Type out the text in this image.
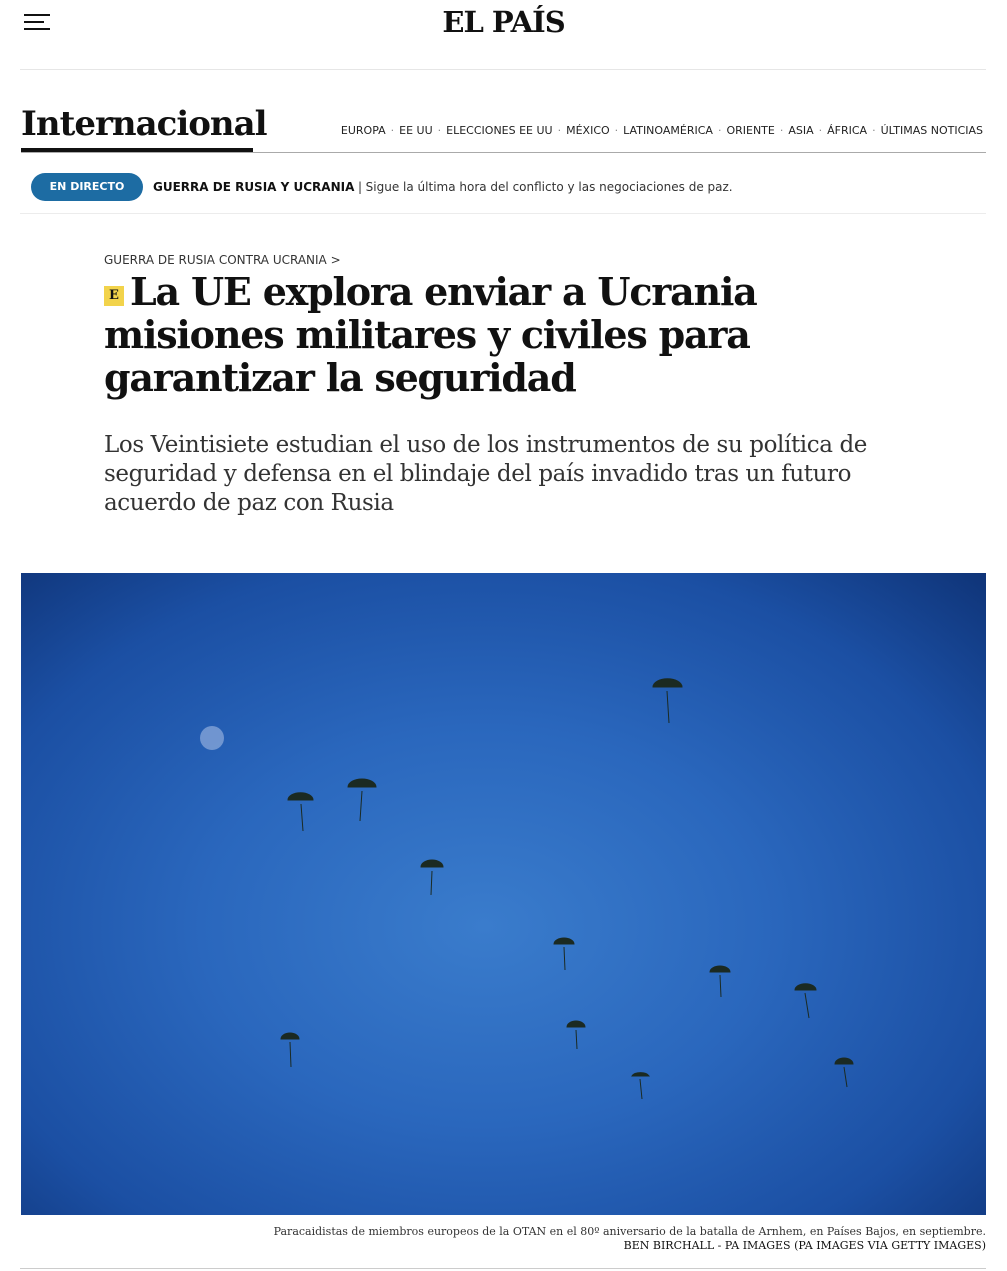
EL PAÍS
Internacional	EUROPA · EE UU · ELECCIONES EE UU · MÉXICO · LATINOAMÉRICA · ORIENTE · ASIA · ÁFRICA · ÚLTIMAS NOTICIAS
EN DIRECTO	GUERRA DE RUSIA Y UCRANIA | Sigue la última hora del conflicto y las negociaciones de paz.
GUERRA DE RUSIA CONTRA UCRANIA >
E La UE explora enviar a Ucrania misiones militares y civiles para garantizar la seguridad

Los Veintisiete estudian el uso de los instrumentos de su política de seguridad y defensa en el blindaje del país invadido tras un futuro acuerdo de paz con Rusia

Paracaidistas de miembros europeos de la OTAN en el 80º aniversario de la batalla de Arnhem, en Países Bajos, en septiembre.
BEN BIRCHALL - PA IMAGES (PA IMAGES VIA GETTY IMAGES)
